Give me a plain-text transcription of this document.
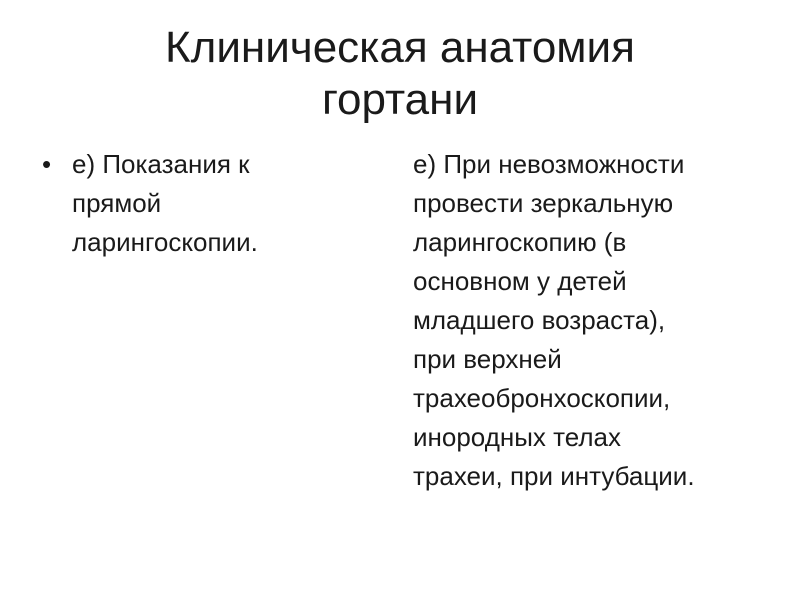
Клиническая анатомия
гортани
• е) Показания к
прямой
ларингоскопии.

е) При невозможности
провести зеркальную
ларингоскопию (в
основном у детей
младшего возраста),
при верхней
трахеобронхоскопии,
инородных телах
трахеи, при интубации.
